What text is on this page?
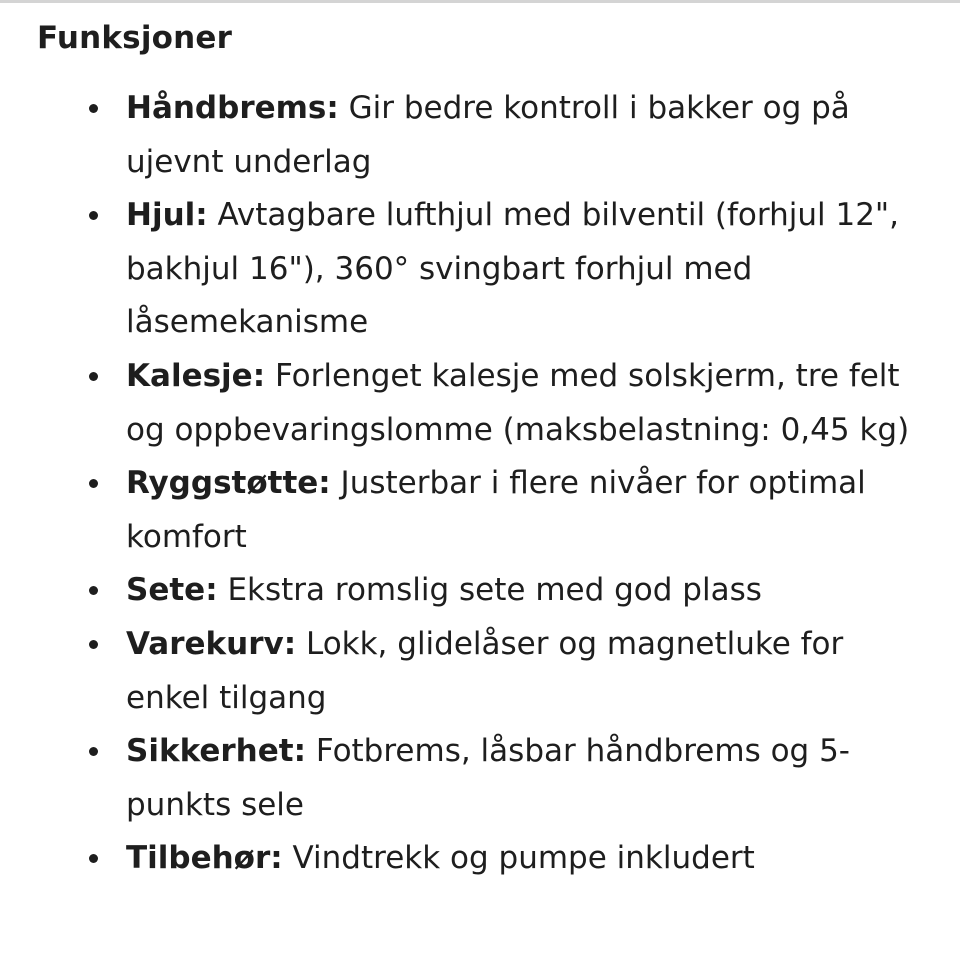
Funksjoner
Håndbrems: Gir bedre kontroll i bakker og på ujevnt underlag
Hjul: Avtagbare lufthjul med bilventil (forhjul 12", bakhjul 16"), 360° svingbart forhjul med låsemekanisme
Kalesje: Forlenget kalesje med solskjerm, tre felt og oppbevaringslomme (maksbelastning: 0,45 kg)
Ryggstøtte: Justerbar i flere nivåer for optimal komfort
Sete: Ekstra romslig sete med god plass
Varekurv: Lokk, glidelåser og magnetluke for enkel tilgang
Sikkerhet: Fotbrems, låsbar håndbrems og 5-punkts sele
Tilbehør: Vindtrekk og pumpe inkludert
